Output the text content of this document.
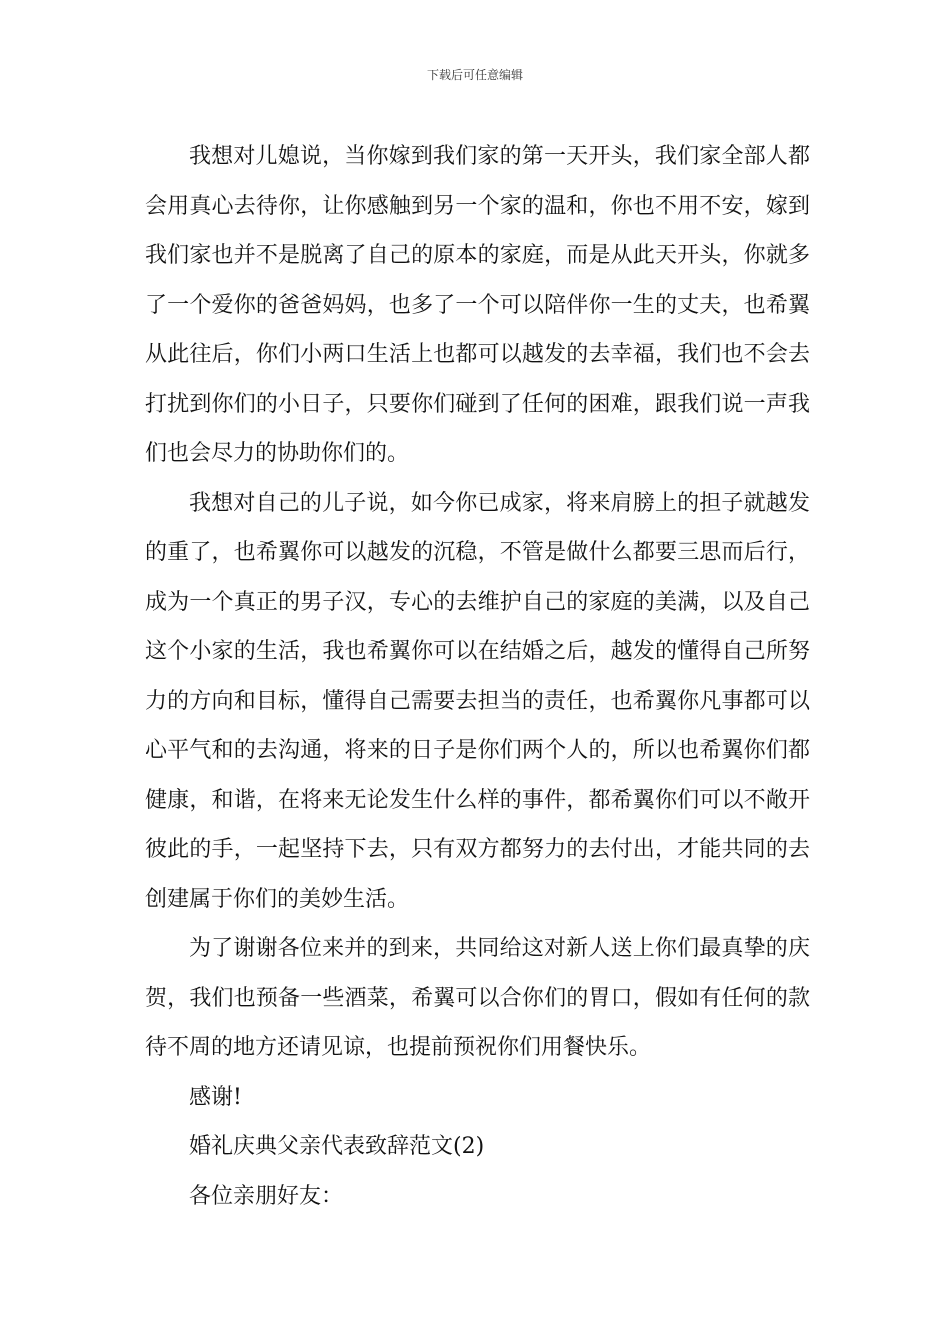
下载后可任意编辑

我想对儿媳说，当你嫁到我们家的第一天开头，我们家全部人都会用真心去待你，让你感触到另一个家的温和，你也不用不安，嫁到我们家也并不是脱离了自己的原本的家庭，而是从此天开头，你就多了一个爱你的爸爸妈妈，也多了一个可以陪伴你一生的丈夫，也希翼从此往后，你们小两口生活上也都可以越发的去幸福，我们也不会去打扰到你们的小日子，只要你们碰到了任何的困难，跟我们说一声我们也会尽力的协助你们的。

我想对自己的儿子说，如今你已成家，将来肩膀上的担子就越发的重了，也希翼你可以越发的沉稳，不管是做什么都要三思而后行，成为一个真正的男子汉，专心的去维护自己的家庭的美满，以及自己这个小家的生活，我也希翼你可以在结婚之后，越发的懂得自己所努力的方向和目标，懂得自己需要去担当的责任，也希翼你凡事都可以心平气和的去沟通，将来的日子是你们两个人的，所以也希翼你们都健康，和谐，在将来无论发生什么样的事件，都希翼你们可以不敞开彼此的手，一起坚持下去，只有双方都努力的去付出，才能共同的去创建属于你们的美妙生活。

为了谢谢各位来并的到来，共同给这对新人送上你们最真挚的庆贺，我们也预备一些酒菜，希翼可以合你们的胃口，假如有任何的款待不周的地方还请见谅，也提前预祝你们用餐快乐。

感谢!

婚礼庆典父亲代表致辞范文(2)

各位亲朋好友：
